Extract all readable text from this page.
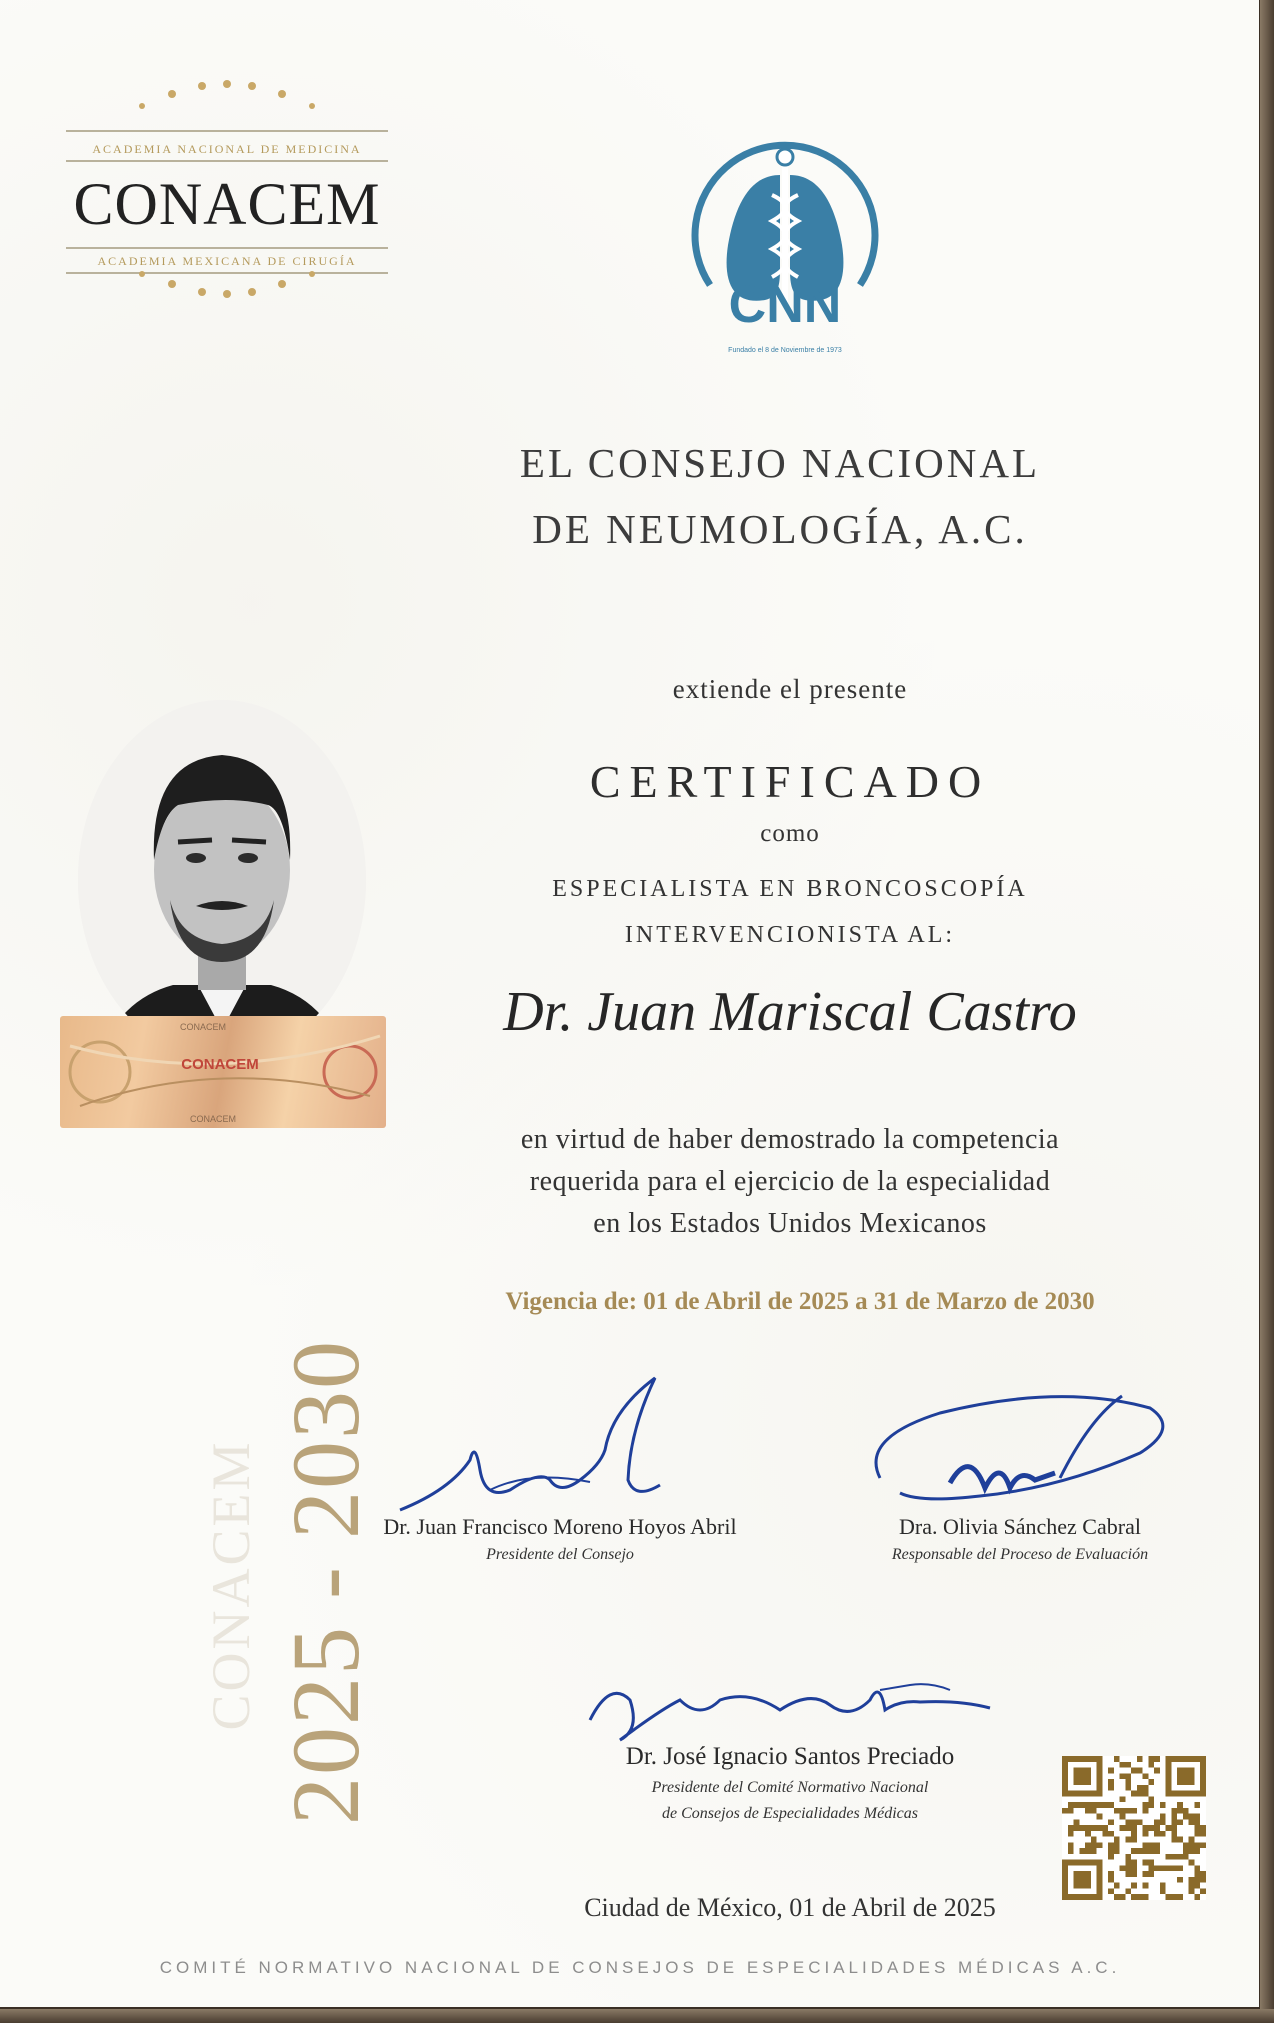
ACADEMIA NACIONAL DE MEDICINA
CONACEM
ACADEMIA MEXICANA DE CIRUGÍA
CNN
Fundado el 8 de Noviembre de 1973
EL CONSEJO NACIONAL
DE NEUMOLOGÍA, A.C.
extiende el presente
CERTIFICADO
como
ESPECIALISTA EN BRONCOSCOPÍA
INTERVENCIONISTA AL:
Dr. Juan Mariscal Castro
CONACEM
CONACEM
CONACEM
en virtud de haber demostrado la competencia
requerida para el ejercicio de la especialidad
en los Estados Unidos Mexicanos
Vigencia de: 01 de Abril de 2025 a 31 de Marzo de 2030
CONACEM 2025 - 2030 Dr. Juan Francisco Moreno Hoyos Abril
Presidente del Consejo
Dra. Olivia Sánchez Cabral
Responsable del Proceso de Evaluación
Dr. José Ignacio Santos Preciado
Presidente del Comité Normativo Nacional
de Consejos de Especialidades Médicas
Ciudad de México, 01 de Abril de 2025
COMITÉ NORMATIVO NACIONAL DE CONSEJOS DE ESPECIALIDADES MÉDICAS A.C.
